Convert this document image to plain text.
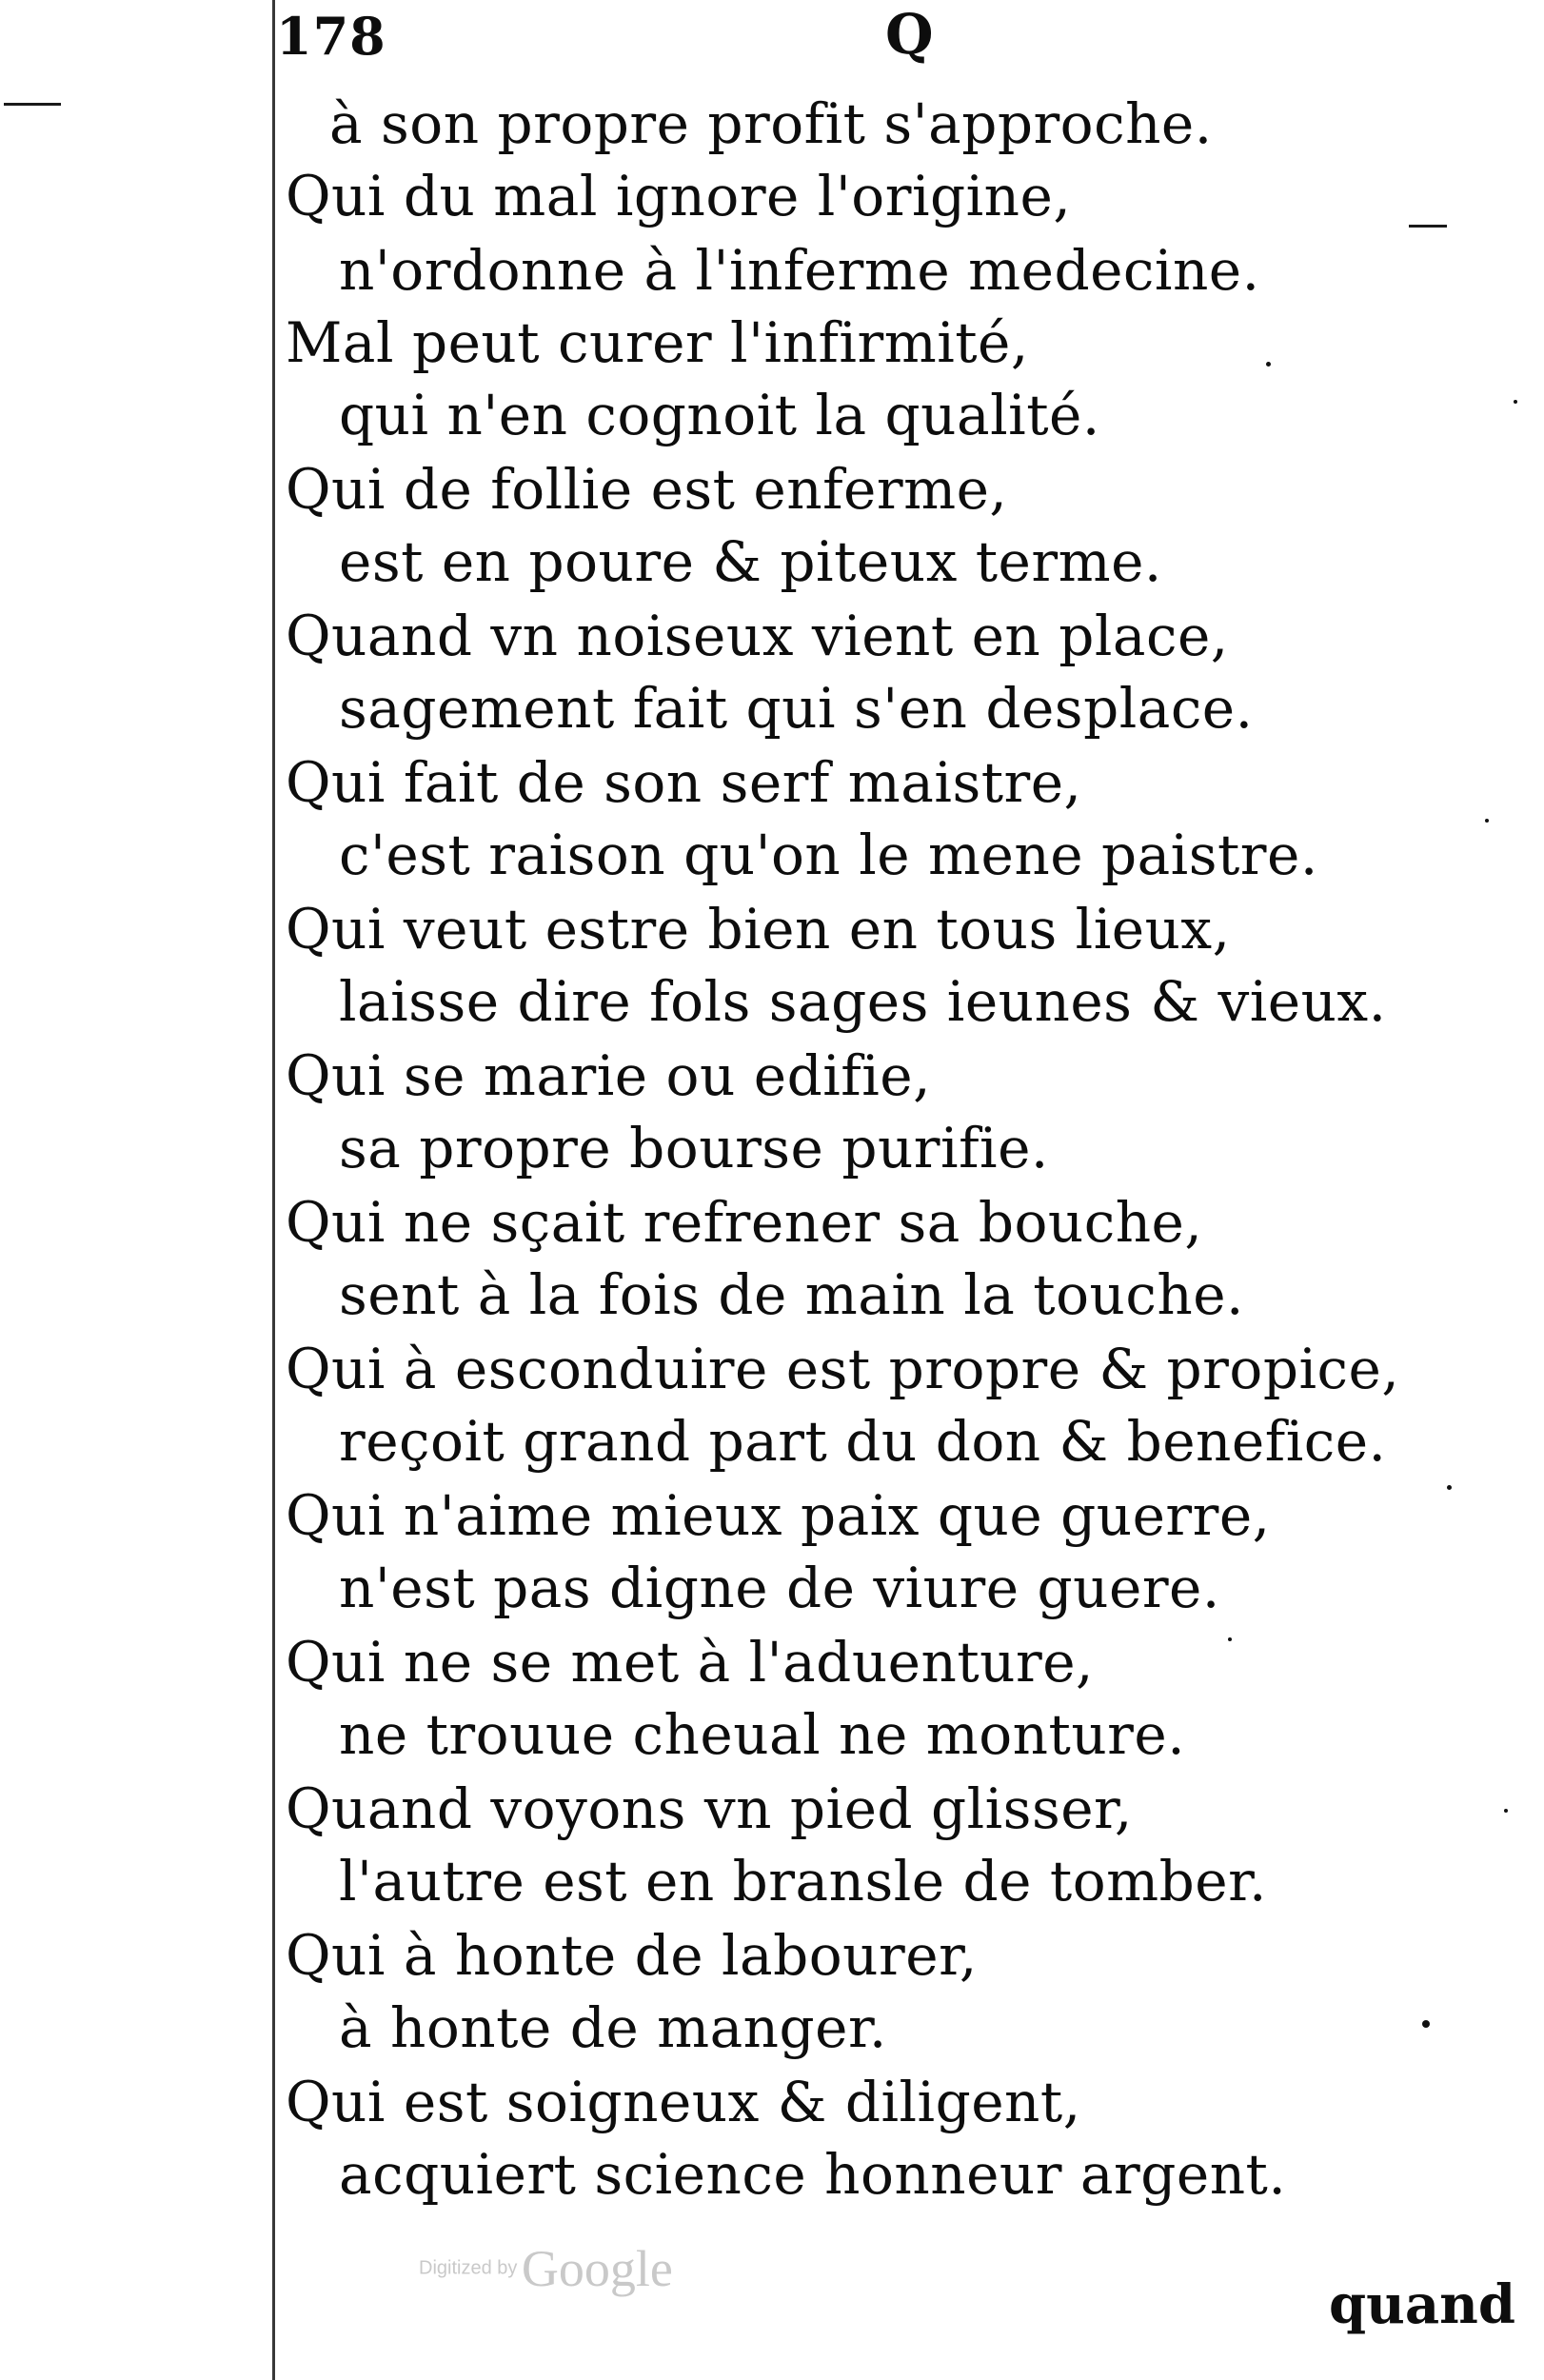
178	Q
à son propre profit s'approche.
Qui du mal ignore l'origine,
n'ordonne à l'inferme medecine.
Mal peut curer l'infirmité,
qui n'en cognoit la qualité.
Qui de follie est enferme,
est en poure & piteux terme.
Quand vn noiseux vient en place,
sagement fait qui s'en desplace.
Qui fait de son serf maistre,
c'est raison qu'on le mene paistre.
Qui veut estre bien en tous lieux,
laisse dire fols sages ieunes & vieux.
Qui se marie ou edifie,
sa propre bourse purifie.
Qui ne sçait refrener sa bouche,
sent à la fois de main la touche.
Qui à esconduire est propre & propice,
reçoit grand part du don & benefice.
Qui n'aime mieux paix que guerre,
n'est pas digne de viure guere.
Qui ne se met à l'aduenture,
ne trouue cheual ne monture.
Quand voyons vn pied glisser,
l'autre est en bransle de tomber.
Qui à honte de labourer,
à honte de manger.
Qui est soigneux & diligent,
acquiert science honneur argent.
Digitized by Google
quand
